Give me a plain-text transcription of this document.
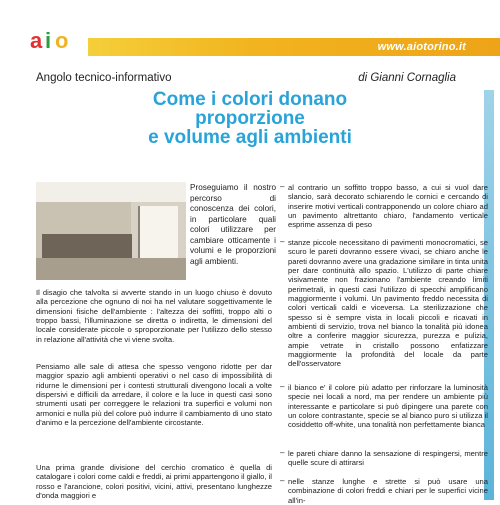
a i o	www.aiotorino.it
Angolo tecnico-informativo	di Gianni Cornaglia
Come i colori donano
proporzione
e volume agli ambienti

Proseguiamo il nostro percorso di conoscenza dei colori, in particolare quali colori utilizzare per cambiare otticamente i volumi e le proporzioni agli ambienti.

Il disagio che talvolta si avverte stando in un luogo chiuso è dovuto alla percezione che ognuno di noi ha nel valutare soggettivamente le dimensioni fisiche dell'ambiente : l'altezza dei soffitti, troppo alti o troppo bassi, l'illuminazione se diretta o indiretta, le dimensioni del locale considerate piccole o sproporzionate per l'utilizzo dello stesso in relazione all'attività che vi viene svolta.

Pensiamo alle sale di attesa che spesso vengono ridotte per dar maggior spazio agli ambienti operativi o nel caso di impossibilità di ridurne le dimensioni per i contesti strutturali divengono locali a volte dispersivi e difficili da arredare, il colore e la luce in questi casi sono strumenti usati per correggere le relazioni tra superfici e volumi non armonici e nulla più del colore può indurre il cambiamento di uno stato d'animo e la percezione dell'ambiente circostante.

Una prima grande divisione del cerchio cromatico è quella di catalogare i colori come caldi e freddi, ai primi appartengono il giallo, il rosso e l'arancione, colori positivi, vicini, attivi, presentano lunghezze d'onda maggiori e

– al contrario un soffitto troppo basso, a cui si vuol dare slancio, sarà decorato schiarendo le cornici e cercando di inserire motivi verticali contrapponendo un colore chiaro ad un pavimento altrettanto chiaro, l'andamento verticale esprime assenza di peso

– stanze piccole necessitano di pavimenti monocromatici, se scuro le pareti dovranno essere vivaci, se chiaro anche le pareti dovranno avere una gradazione similare in tinta unita per dare continuità allo spazio. L'utilizzo di parte chiare visivamente non frazionano l'ambiente creando limiti perimetrali, in questi casi l'utilizzo di specchi amplificano maggiormente i volumi. Un pavimento freddo necessita di colori verticali caldi e viceversa. La sterilizzazione che spesso si è sempre vista in locali piccoli e ricavati in ambienti di servizio, trova nel bianco la tonalità più idonea oltre a conferire maggior sicurezza, purezza e pulizia, ampie vetrate in cristallo possono enfatizzare maggiormente la profondità del locale da parte dell'osservatore

– il bianco e' il colore più adatto per rinforzare la luminosità specie nei locali a nord, ma per rendere un ambiente più interessante e particolare si può dipingere una parete con un colore contrastante, specie se al bianco puro si utilizza il cosiddetto off-white, una tonalità non perfettamente bianca

– le pareti chiare danno la sensazione di respingersi, mentre quelle scure di attirarsi

– nelle stanze lunghe e strette si può usare una combinazione di colori freddi e chiari per le superfici vicine all'in-
